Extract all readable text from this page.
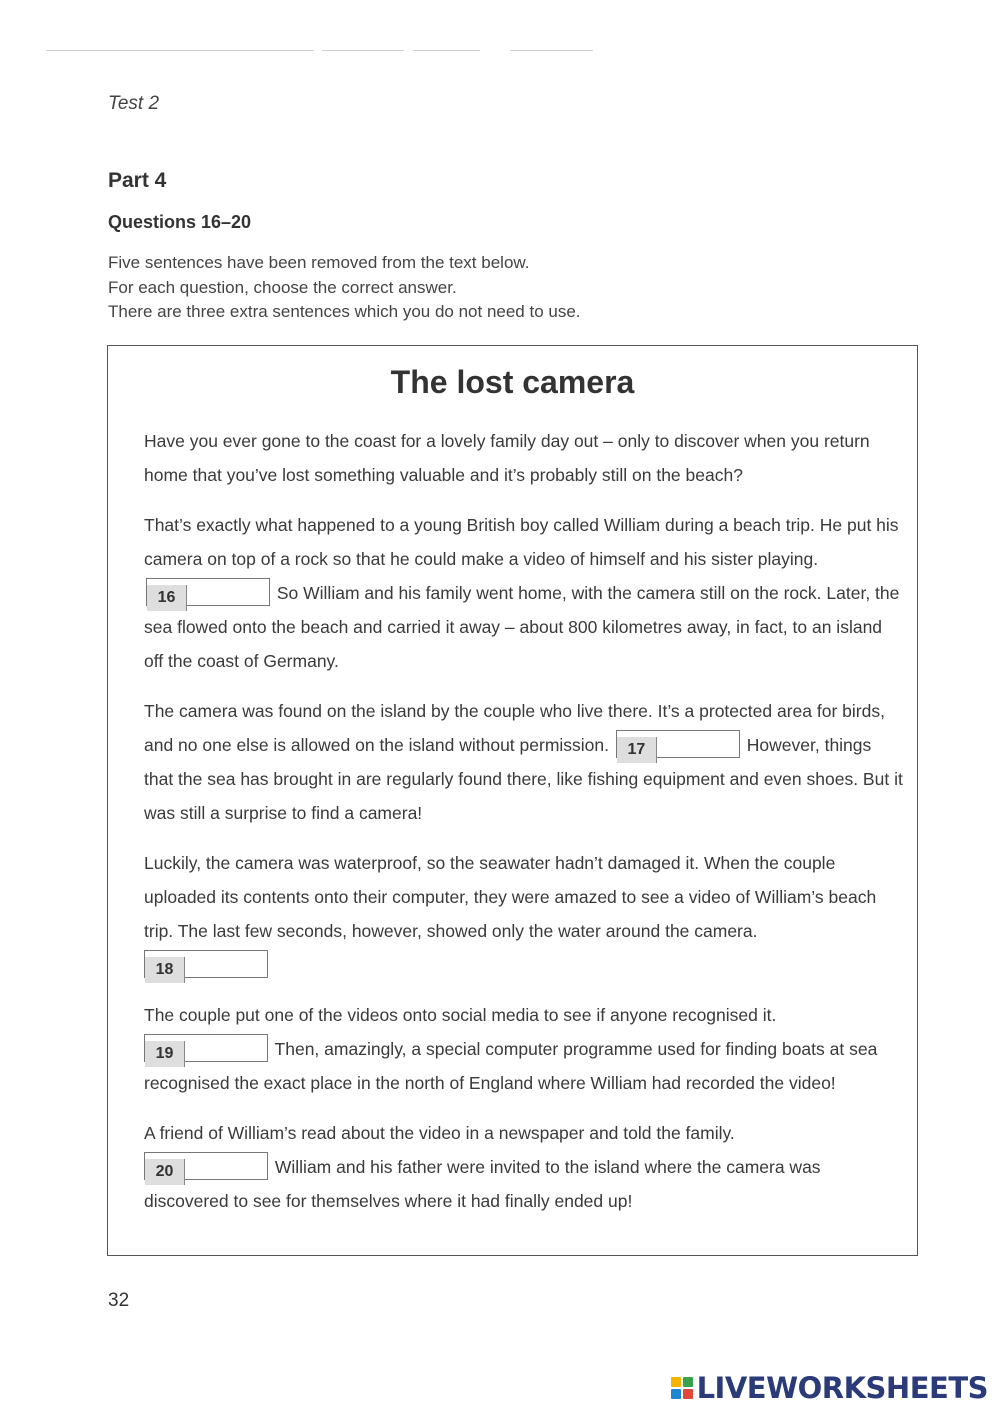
Test 2
Part 4
Questions 16–20
Five sentences have been removed from the text below.
For each question, choose the correct answer.
There are three extra sentences which you do not need to use.
The lost camera

Have you ever gone to the coast for a lovely family day out – only to discover when you return home that you’ve lost something valuable and it’s probably still on the beach?

That’s exactly what happened to a young British boy called William during a beach trip. He put his camera on top of a rock so that he could make a video of himself and his sister playing. 16	So William and his family went home, with the camera still on the rock. Later, the sea flowed onto the beach and carried it away – about 800 kilometres away, in fact, to an island off the coast of Germany.

The camera was found on the island by the couple who live there. It’s a protected area for birds, and no one else is allowed on the island without permission. 17	However, things that the sea has brought in are regularly found there, like fishing equipment and even shoes. But it was still a surprise to find a camera!

Luckily, the camera was waterproof, so the seawater hadn’t damaged it. When the couple uploaded its contents onto their computer, they were amazed to see a video of William’s beach trip. The last few seconds, however, showed only the water around the camera.
18

The couple put one of the videos onto social media to see if anyone recognised it.
19	Then, amazingly, a special computer programme used for finding boats at sea recognised the exact place in the north of England where William had recorded the video!

A friend of William’s read about the video in a newspaper and told the family.
20	William and his father were invited to the island where the camera was discovered to see for themselves where it had finally ended up!

32
LIVEWORKSHEETS
